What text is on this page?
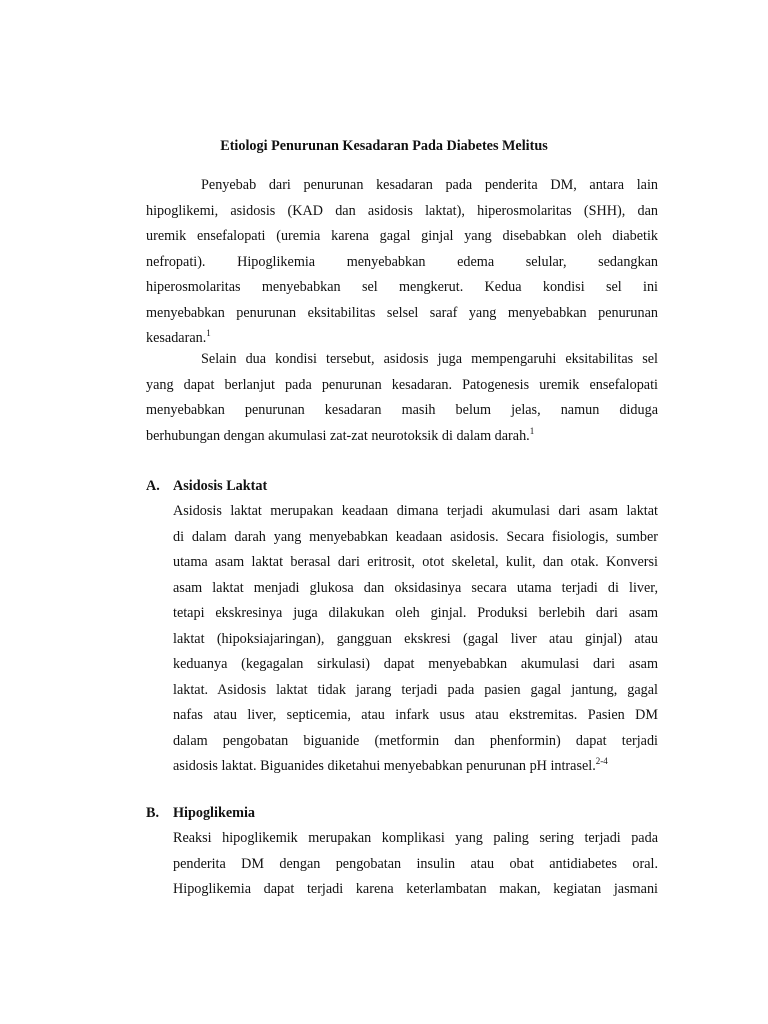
Etiologi Penurunan Kesadaran Pada Diabetes Melitus
Penyebab dari penurunan kesadaran pada penderita DM, antara lain
hipoglikemi, asidosis (KAD dan asidosis laktat), hiperosmolaritas (SHH), dan
uremik ensefalopati (uremia karena gagal ginjal yang disebabkan oleh diabetik
nefropati). Hipoglikemia menyebabkan edema selular, sedangkan
hiperosmolaritas menyebabkan sel mengkerut. Kedua kondisi sel ini
menyebabkan penurunan eksitabilitas selsel saraf yang menyebabkan penurunan
kesadaran.$^1$
Selain dua kondisi tersebut, asidosis juga mempengaruhi eksitabilitas sel
yang dapat berlanjut pada penurunan kesadaran. Patogenesis uremik ensefalopati
menyebabkan penurunan kesadaran masih belum jelas, namun diduga
berhubungan dengan akumulasi zat-zat neurotoksik di dalam darah.$^1$
A. Asidosis Laktat
Asidosis laktat merupakan keadaan dimana terjadi akumulasi dari asam laktat
di dalam darah yang menyebabkan keadaan asidosis. Secara fisiologis, sumber
utama asam laktat berasal dari eritrosit, otot skeletal, kulit, dan otak. Konversi
asam laktat menjadi glukosa dan oksidasinya secara utama terjadi di liver,
tetapi ekskresinya juga dilakukan oleh ginjal. Produksi berlebih dari asam
laktat (hipoksiajaringan), gangguan ekskresi (gagal liver atau ginjal) atau
keduanya (kegagalan sirkulasi) dapat menyebabkan akumulasi dari asam
laktat. Asidosis laktat tidak jarang terjadi pada pasien gagal jantung, gagal
nafas atau liver, septicemia, atau infark usus atau ekstremitas. Pasien DM
dalam pengobatan biguanide (metformin dan phenformin) dapat terjadi
asidosis laktat. Biguanides diketahui menyebabkan penurunan pH intrasel.$^{2-4}$
B. Hipoglikemia
Reaksi hipoglikemik merupakan komplikasi yang paling sering terjadi pada
penderita DM dengan pengobatan insulin atau obat antidiabetes oral.
Hipoglikemia dapat terjadi karena keterlambatan makan, kegiatan jasmani
